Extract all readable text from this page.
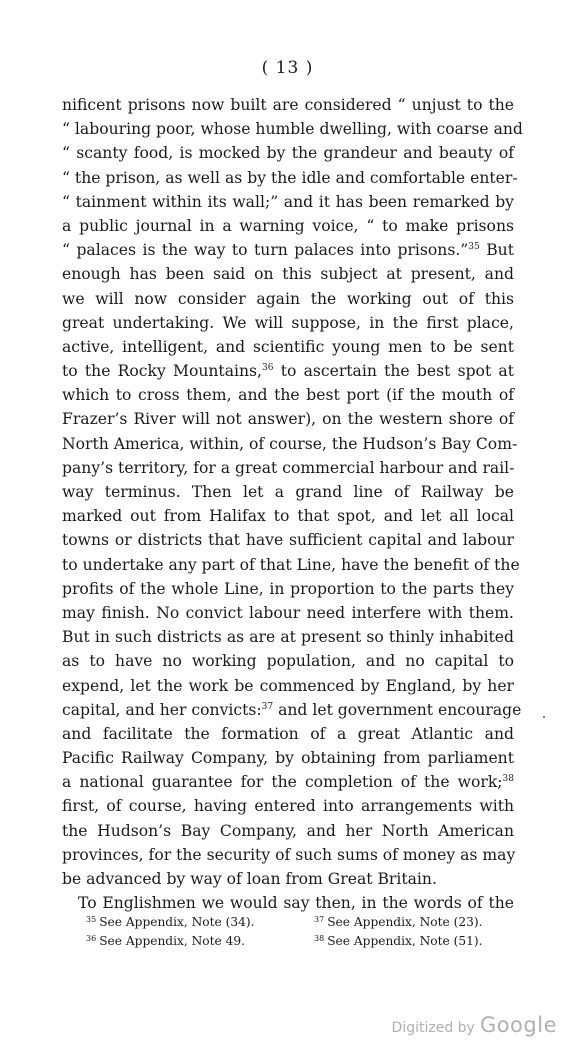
( 13 )
nificent prisons now built are considered “ unjust to the
“ labouring poor, whose humble dwelling, with coarse and
“ scanty food, is mocked by the grandeur and beauty of
“ the prison, as well as by the idle and comfortable enter-
“ tainment within its wall;” and it has been remarked by
a public journal in a warning voice, “ to make prisons
“ palaces is the way to turn palaces into prisons.”$^{35}$ But
enough has been said on this subject at present, and
we will now consider again the working out of this
great undertaking. We will suppose, in the first place,
active, intelligent, and scientific young men to be sent
to the Rocky Mountains,$^{36}$ to ascertain the best spot at
which to cross them, and the best port (if the mouth of
Frazer’s River will not answer), on the western shore of
North America, within, of course, the Hudson’s Bay Com-
pany’s territory, for a great commercial harbour and rail-
way terminus. Then let a grand line of Railway be
marked out from Halifax to that spot, and let all local
towns or districts that have sufficient capital and labour
to undertake any part of that Line, have the benefit of the
profits of the whole Line, in proportion to the parts they
may finish. No convict labour need interfere with them.
But in such districts as are at present so thinly inhabited
as to have no working population, and no capital to
expend, let the work be commenced by England, by her
capital, and her convicts:$^{37}$ and let government encourage
and facilitate the formation of a great Atlantic and
Pacific Railway Company, by obtaining from parliament
a national guarantee for the completion of the work;$^{38}$
first, of course, having entered into arrangements with
the Hudson’s Bay Company, and her North American
provinces, for the security of such sums of money as may
be advanced by way of loan from Great Britain.
To Englishmen we would say then, in the words of the
$^{35}$ See Appendix, Note (34).	$^{37}$ See Appendix, Note (23).
$^{36}$ See Appendix, Note 49.	$^{38}$ See Appendix, Note (51).
Digitized by Google
